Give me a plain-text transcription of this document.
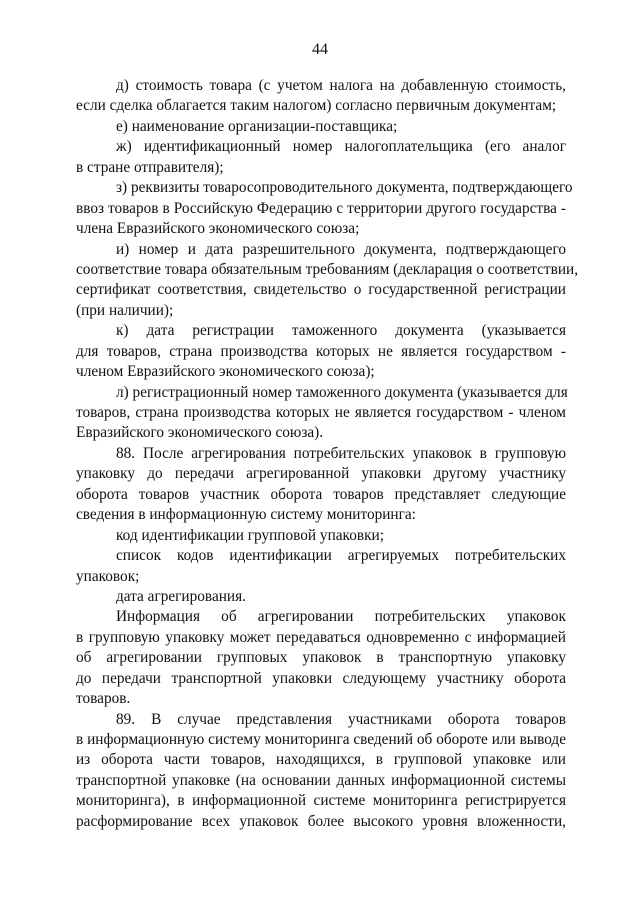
44
д) стоимость товара (с учетом налога на добавленную стоимость,
если сделка облагается таким налогом) согласно первичным документам;
е) наименование организации-поставщика;
ж) идентификационный номер налогоплательщика (его аналог
в стране отправителя);
з) реквизиты товаросопроводительного документа, подтверждающего
ввоз товаров в Российскую Федерацию с территории другого государства -
члена Евразийского экономического союза;
и) номер и дата разрешительного документа, подтверждающего
соответствие товара обязательным требованиям (декларация о соответствии,
сертификат соответствия, свидетельство о государственной регистрации
(при наличии);
к) дата регистрации таможенного документа (указывается
для товаров, страна производства которых не является государством -
членом Евразийского экономического союза);
л) регистрационный номер таможенного документа (указывается для
товаров, страна производства которых не является государством - членом
Евразийского экономического союза).
88. После агрегирования потребительских упаковок в групповую
упаковку до передачи агрегированной упаковки другому участнику
оборота товаров участник оборота товаров представляет следующие
сведения в информационную систему мониторинга:
код идентификации групповой упаковки;
список кодов идентификации агрегируемых потребительских
упаковок;
дата агрегирования.
Информация об агрегировании потребительских упаковок
в групповую упаковку может передаваться одновременно с информацией
об агрегировании групповых упаковок в транспортную упаковку
до передачи транспортной упаковки следующему участнику оборота
товаров.
89. В случае представления участниками оборота товаров
в информационную систему мониторинга сведений об обороте или выводе
из оборота части товаров, находящихся, в групповой упаковке или
транспортной упаковке (на основании данных информационной системы
мониторинга), в информационной системе мониторинга регистрируется
расформирование всех упаковок более высокого уровня вложенности,
